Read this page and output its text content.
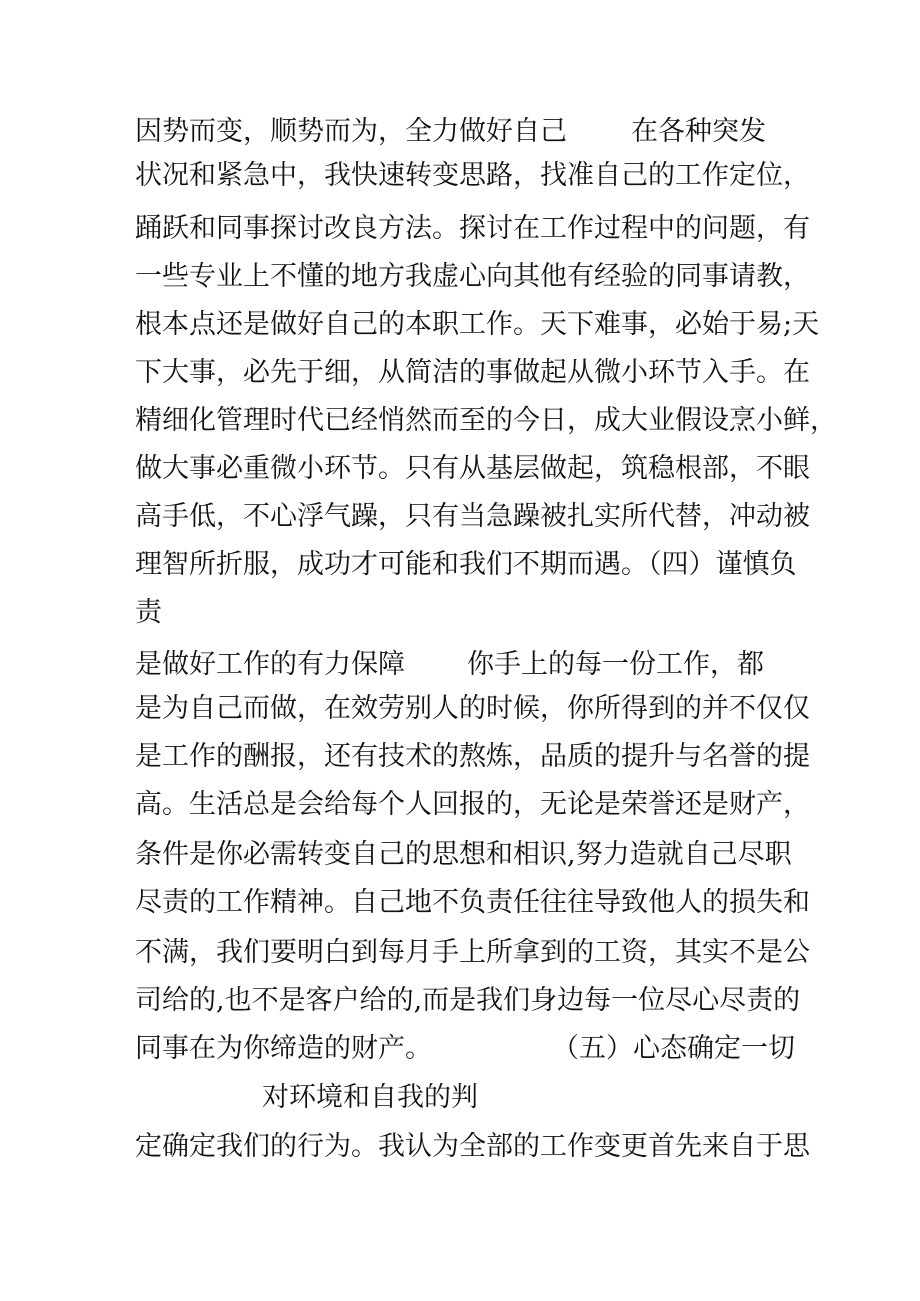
因势而变，顺势而为，全力做好自己 在各种突发
状况和紧急中，我快速转变思路，找准自己的工作定位，
踊跃和同事探讨改良方法。探讨在工作过程中的问题，有
一些专业上不懂的地方我虚心向其他有经验的同事请教，
根本点还是做好自己的本职工作。天下难事，必始于易;天
下大事，必先于细，从简洁的事做起从微小环节入手。在
精细化管理时代已经悄然而至的今日，成大业假设烹小鲜，
做大事必重微小环节。只有从基层做起，筑稳根部，不眼
高手低，不心浮气躁，只有当急躁被扎实所代替，冲动被
理智所折服，成功才可能和我们不期而遇。（四）谨慎负
责
是做好工作的有力保障 你手上的每一份工作，都
是为自己而做，在效劳别人的时候，你所得到的并不仅仅
是工作的酬报，还有技术的熬炼，品质的提升与名誉的提
高。生活总是会给每个人回报的，无论是荣誉还是财产，
条件是你必需转变自己的思想和相识,努力造就自己尽职
尽责的工作精神。自己地不负责任往往导致他人的损失和
不满，我们要明白到每月手上所拿到的工资，其实不是公
司给的,也不是客户给的,而是我们身边每一位尽心尽责的
同事在为你缔造的财产。	（五）心态确定一切
对环境和自我的判
定确定我们的行为。我认为全部的工作变更首先来自于思
